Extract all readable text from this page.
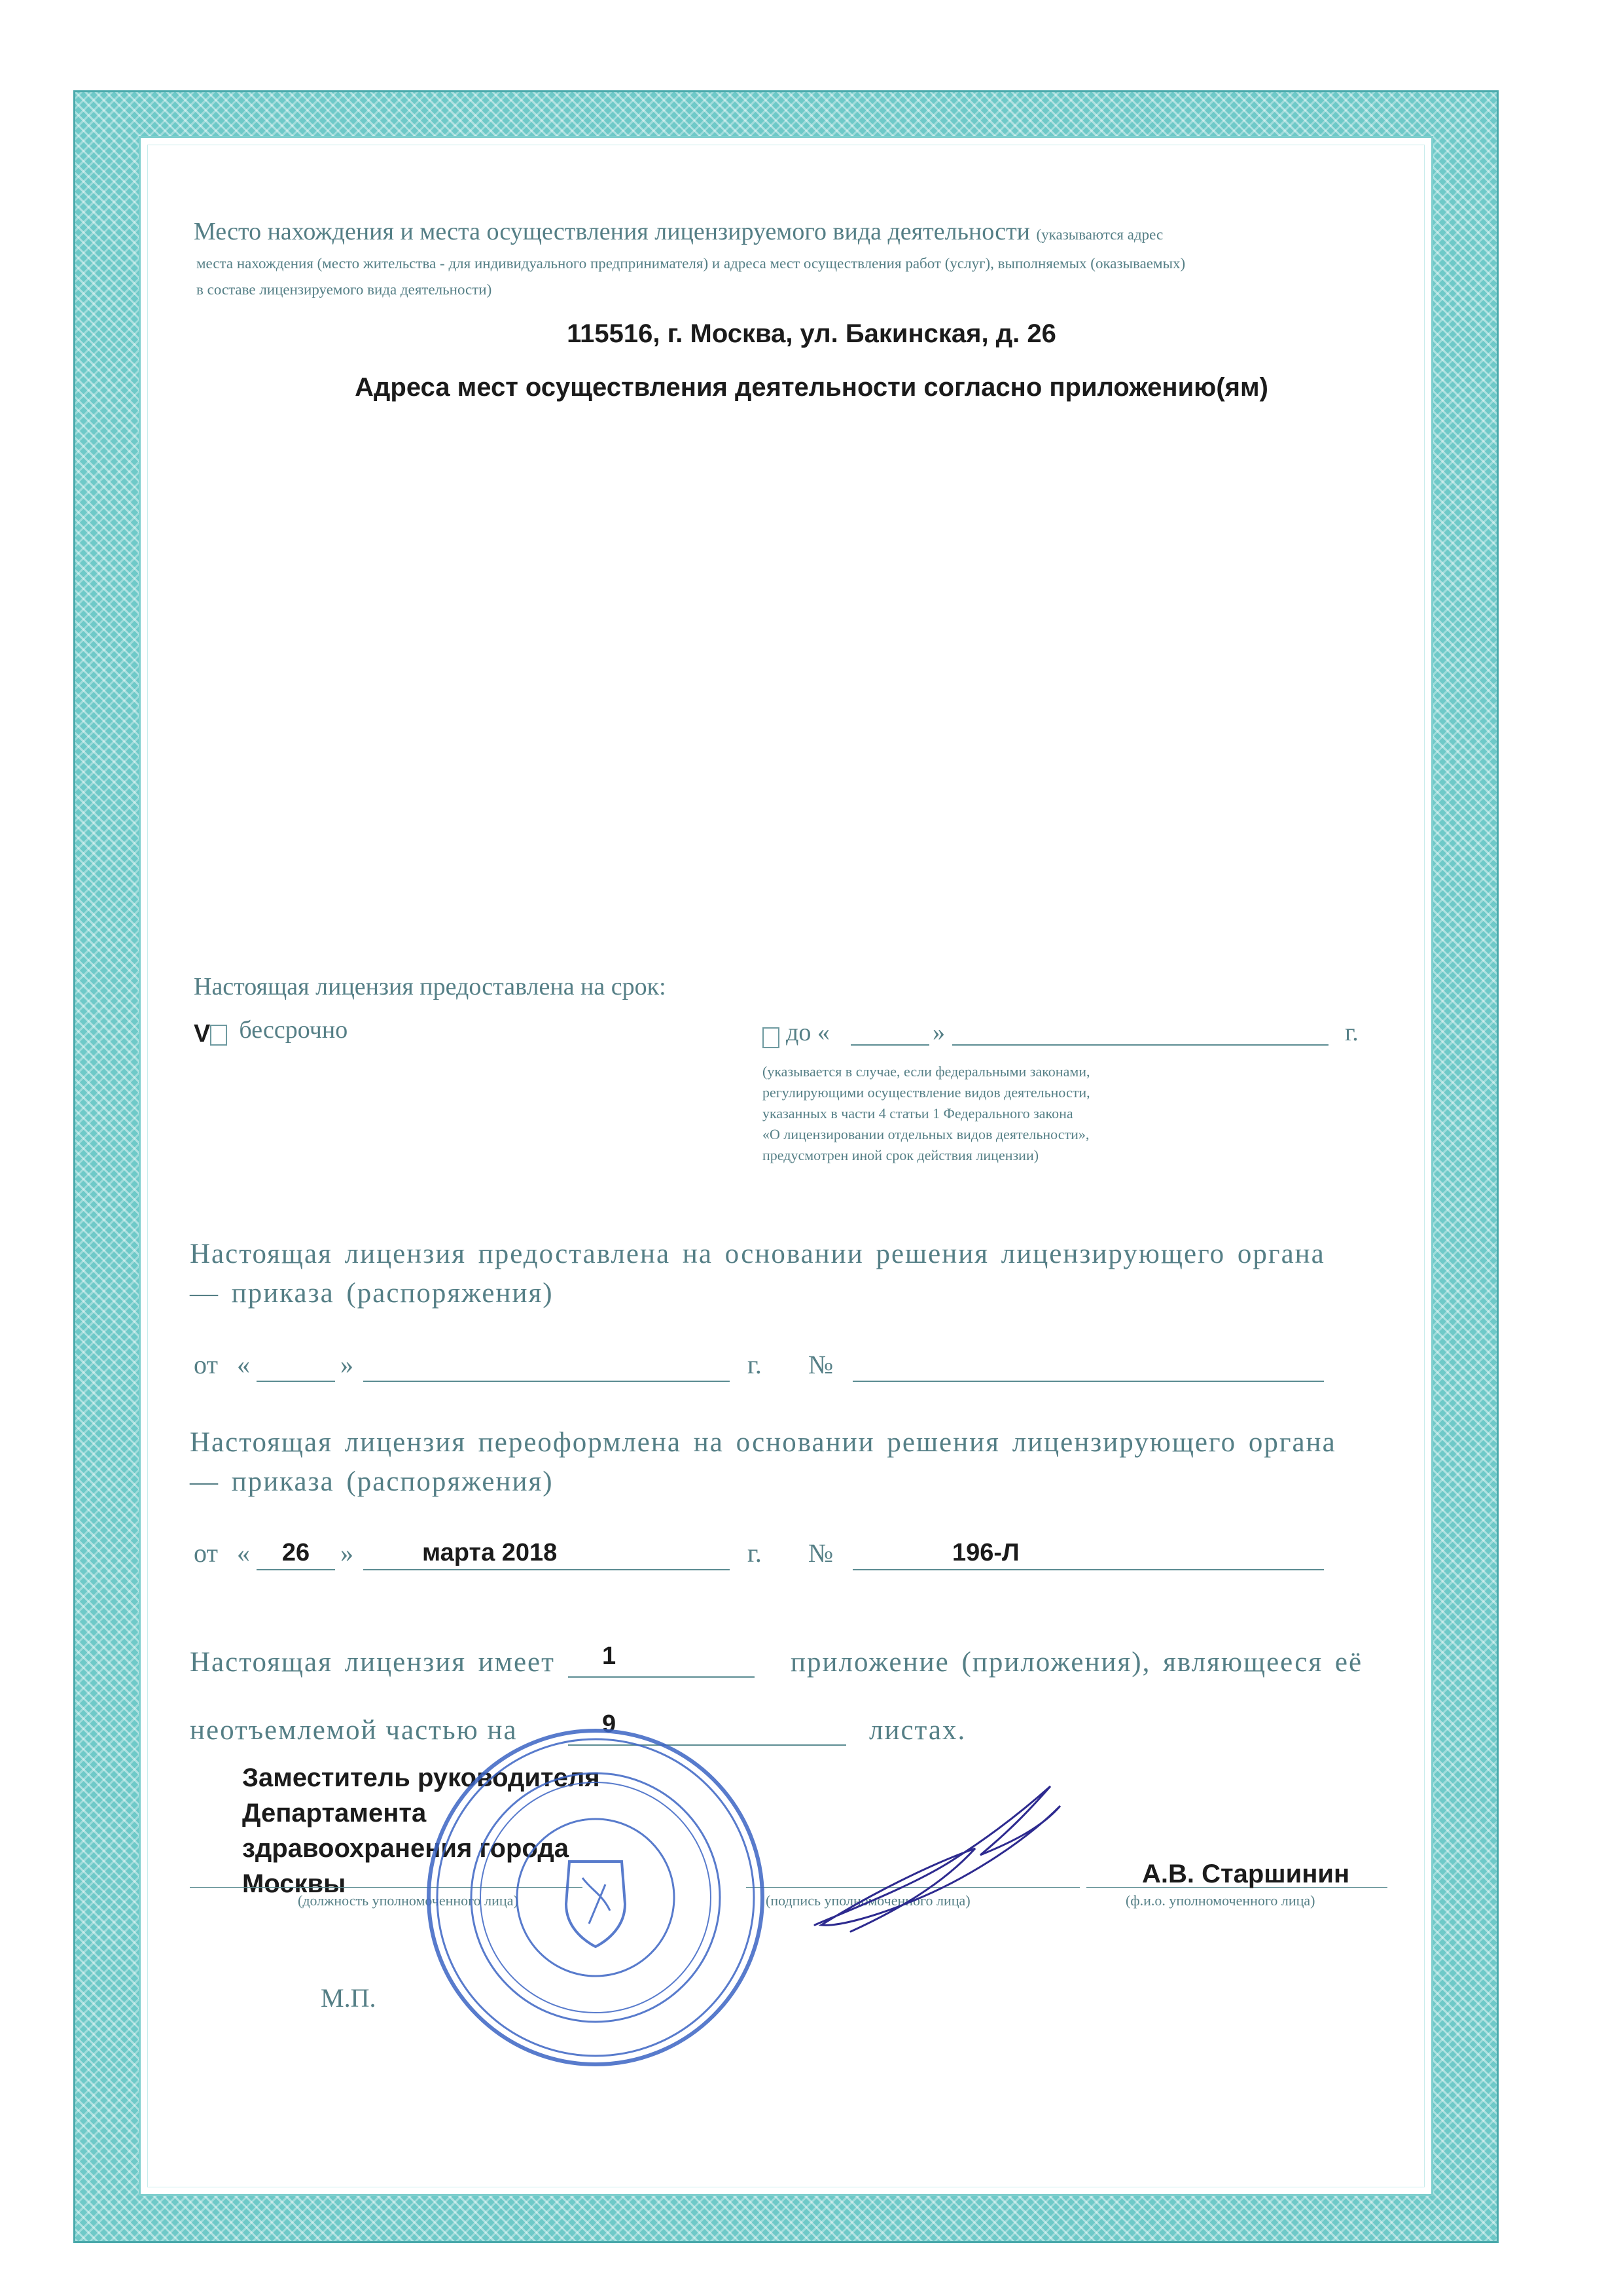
Место нахождения и места осуществления лицензируемого вида деятельности (указываются адрес
места нахождения (место жительства - для индивидуального предпринимателя) и адреса мест осуществления работ (услуг), выполняемых (оказываемых)
в составе лицензируемого вида деятельности)
115516, г. Москва, ул. Бакинская, д. 26
Адреса мест осуществления деятельности согласно приложению(ям)
Настоящая лицензия предоставлена на срок:
V бессрочно	до «	»	г.
(указывается в случае, если федеральными законами,
регулирующими осуществление видов деятельности,
указанных в части 4 статьи 1 Федерального закона
«О лицензировании отдельных видов деятельности»,
предусмотрен иной срок действия лицензии)
Настоящая лицензия предоставлена на основании решения лицензирующего органа
— приказа (распоряжения)
от «	»	г. №
Настоящая лицензия переоформлена на основании решения лицензирующего органа
— приказа (распоряжения)
от «	26	»	марта 2018	г. №	196-Л
Настоящая лицензия имеет 1	приложение (приложения), являющееся её
неотъемлемой частью на	9	листах.
Заместитель руководителя
Департамента
здравоохранения города
Москвы
(должность уполномоченного лица)	(подпись уполномоченного лица)
А.В. Старшинин
(ф.и.о. уполномоченного лица)
М.П.
